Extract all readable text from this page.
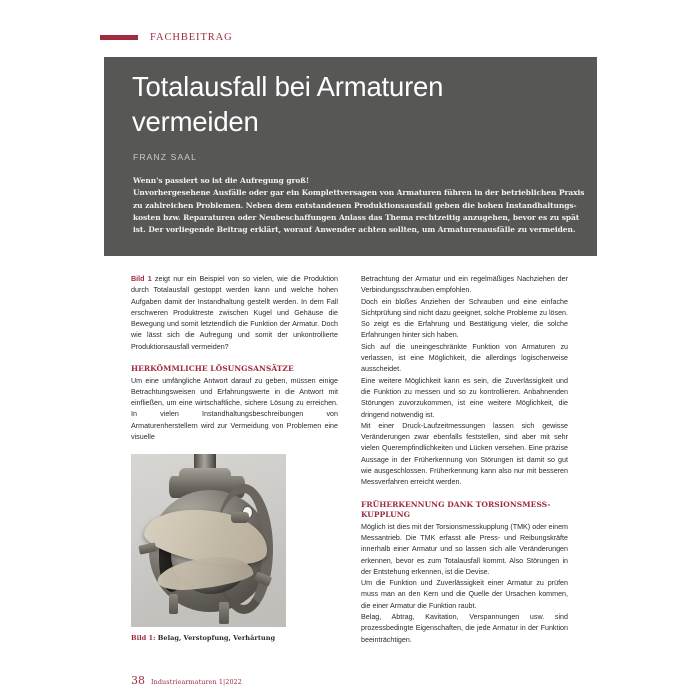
FACHBEITRAG
Totalausfall bei Armaturen vermeiden
FRANZ SAAL
Wenn's passiert so ist die Aufregung groß!
Unvorhergesehene Ausfälle oder gar ein Komplettversagen von Armaturen führen in der betrieblichen Praxis
zu zahlreichen Problemen. Neben dem entstandenen Produktionsausfall geben die hohen Instandhaltungs-
kosten bzw. Reparaturen oder Neubeschaffungen Anlass das Thema rechtzeitig anzugehen, bevor es zu spät
ist. Der vorliegende Beitrag erklärt, worauf Anwender achten sollten, um Armaturenausfälle zu vermeiden.

Bild 1 zeigt nur ein Beispiel von so vielen, wie die Produktion durch Totalausfall gestoppt werden kann und welche hohen Aufgaben damit der Instandhaltung gestellt werden. In dem Fall erschweren Produktreste zwischen Kugel und Gehäuse die Bewegung und somit letztendlich die Funktion der Armatur. Doch wie lässt sich die Aufregung und somit der unkontrollierte Produktionsausfall vermeiden?

HERKÖMMLICHE LÖSUNGSANSÄTZE

Um eine umfängliche Antwort darauf zu geben, müssen einige Betrachtungsweisen und Erfahrungswerte in die Antwort mit einfließen, um eine wirtschaftliche, sichere Lösung zu erreichen. In vielen Instandhaltungsbeschreibungen von Armaturenherstellern wird zur Vermeidung von Problemen eine visuelle

Bild 1: Belag, Verstopfung, Verhärtung

Betrachtung der Armatur und ein regelmäßiges Nachziehen der Verbindungsschrauben empfohlen.

Doch ein bloßes Anziehen der Schrauben und eine einfache Sichtprüfung sind nicht dazu geeignet, solche Probleme zu lösen. So zeigt es die Erfahrung und Bestätigung vieler, die solche Erfahrungen hinter sich haben.

Sich auf die uneingeschränkte Funktion von Armaturen zu verlassen, ist eine Möglichkeit, die allerdings logischerweise ausscheidet.

Eine weitere Möglichkeit kann es sein, die Zuverlässigkeit und die Funktion zu messen und so zu kontrollieren. Anbahnenden Störungen zuvorzukommen, ist eine weitere Möglichkeit, die dringend notwendig ist.

Mit einer Druck-Laufzeitmessungen lassen sich gewisse Veränderungen zwar ebenfalls feststellen, sind aber mit sehr vielen Querempfindlichkeiten und Lücken versehen. Eine präzise Aussage in der Früherkennung von Störungen ist damit so gut wie ausgeschlossen. Früherkennung kann also nur mit besseren Messverfahren erreicht werden.

FRÜHERKENNUNG DANK TORSIONSMESS-KUPPLUNG

Möglich ist dies mit der Torsionsmesskupplung (TMK) oder einem Messantrieb. Die TMK erfasst alle Press- und Reibungskräfte innerhalb einer Armatur und so lassen sich alle Veränderungen erkennen, bevor es zum Totalausfall kommt. Also Störungen in der Entstehung erkennen, ist die Devise.

Um die Funktion und Zuverlässigkeit einer Armatur zu prüfen muss man an den Kern und die Quelle der Ursachen kommen, die einer Armatur die Funktion raubt.

Belag, Abtrag, Kavitation, Verspannungen usw. sind prozessbedingte Eigenschaften, die jede Armatur in der Funktion beeinträchtigen.

38 Industriearmaturen 1|2022
